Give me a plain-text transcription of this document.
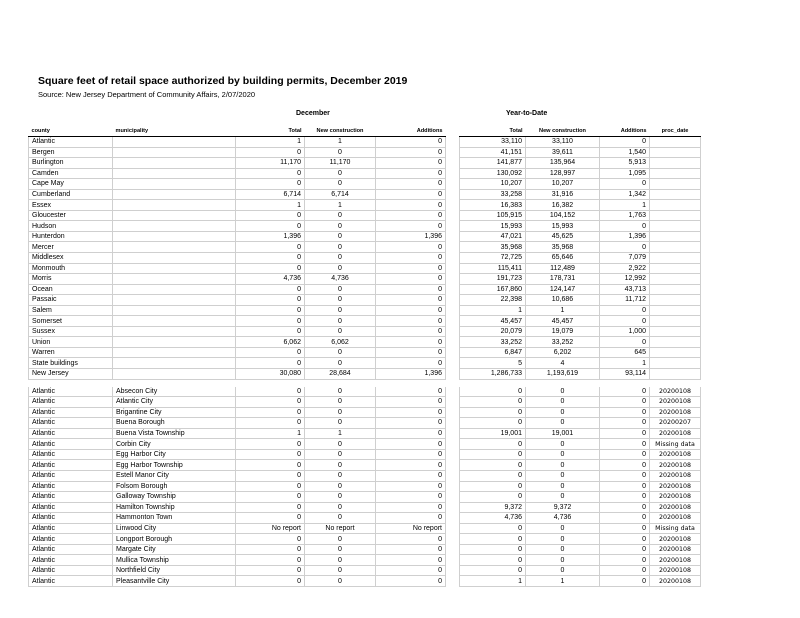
Square feet of retail space authorized by building permits, December 2019
Source: New Jersey Department of Community Affairs, 2/07/2020
December	Year-to-Date
county	municipality	Total	New construction	Additions		Total	New construction	Additions	proc_date
Atlantic		1	1	0		33,110	33,110	0	
Bergen		0	0	0		41,151	39,611	1,540	
Burlington		11,170	11,170	0		141,877	135,964	5,913	
Camden		0	0	0		130,092	128,997	1,095	
Cape May		0	0	0		10,207	10,207	0	
Cumberland		6,714	6,714	0		33,258	31,916	1,342	
Essex		1	1	0		16,383	16,382	1	
Gloucester		0	0	0		105,915	104,152	1,763	
Hudson		0	0	0		15,993	15,993	0	
Hunterdon		1,396	0	1,396		47,021	45,625	1,396	
Mercer		0	0	0		35,968	35,968	0	
Middlesex		0	0	0		72,725	65,646	7,079	
Monmouth		0	0	0		115,411	112,489	2,922	
Morris		4,736	4,736	0		191,723	178,731	12,992	
Ocean		0	0	0		167,860	124,147	43,713	
Passaic		0	0	0		22,398	10,686	11,712	
Salem		0	0	0		1	1	0	
Somerset		0	0	0		45,457	45,457	0	
Sussex		0	0	0		20,079	19,079	1,000	
Union		6,062	6,062	0		33,252	33,252	0	
Warren		0	0	0		6,847	6,202	645	
State buildings		0	0	0		5	4	1	
New Jersey		30,080	28,684	1,396		1,286,733	1,193,619	93,114	

Atlantic	Absecon City	0	0	0		0	0	0	20200108
Atlantic	Atlantic City	0	0	0		0	0	0	20200108
Atlantic	Brigantine City	0	0	0		0	0	0	20200108
Atlantic	Buena Borough	0	0	0		0	0	0	20200207
Atlantic	Buena Vista Township	1	1	0		19,001	19,001	0	20200108
Atlantic	Corbin City	0	0	0		0	0	0	Missing data
Atlantic	Egg Harbor City	0	0	0		0	0	0	20200108
Atlantic	Egg Harbor Township	0	0	0		0	0	0	20200108
Atlantic	Estell Manor City	0	0	0		0	0	0	20200108
Atlantic	Folsom Borough	0	0	0		0	0	0	20200108
Atlantic	Galloway Township	0	0	0		0	0	0	20200108
Atlantic	Hamilton Township	0	0	0		9,372	9,372	0	20200108
Atlantic	Hammonton Town	0	0	0		4,736	4,736	0	20200108
Atlantic	Linwood City	No report	No report	No report		0	0	0	Missing data
Atlantic	Longport Borough	0	0	0		0	0	0	20200108
Atlantic	Margate City	0	0	0		0	0	0	20200108
Atlantic	Mullica Township	0	0	0		0	0	0	20200108
Atlantic	Northfield City	0	0	0		0	0	0	20200108
Atlantic	Pleasantville City	0	0	0		1	1	0	20200108
